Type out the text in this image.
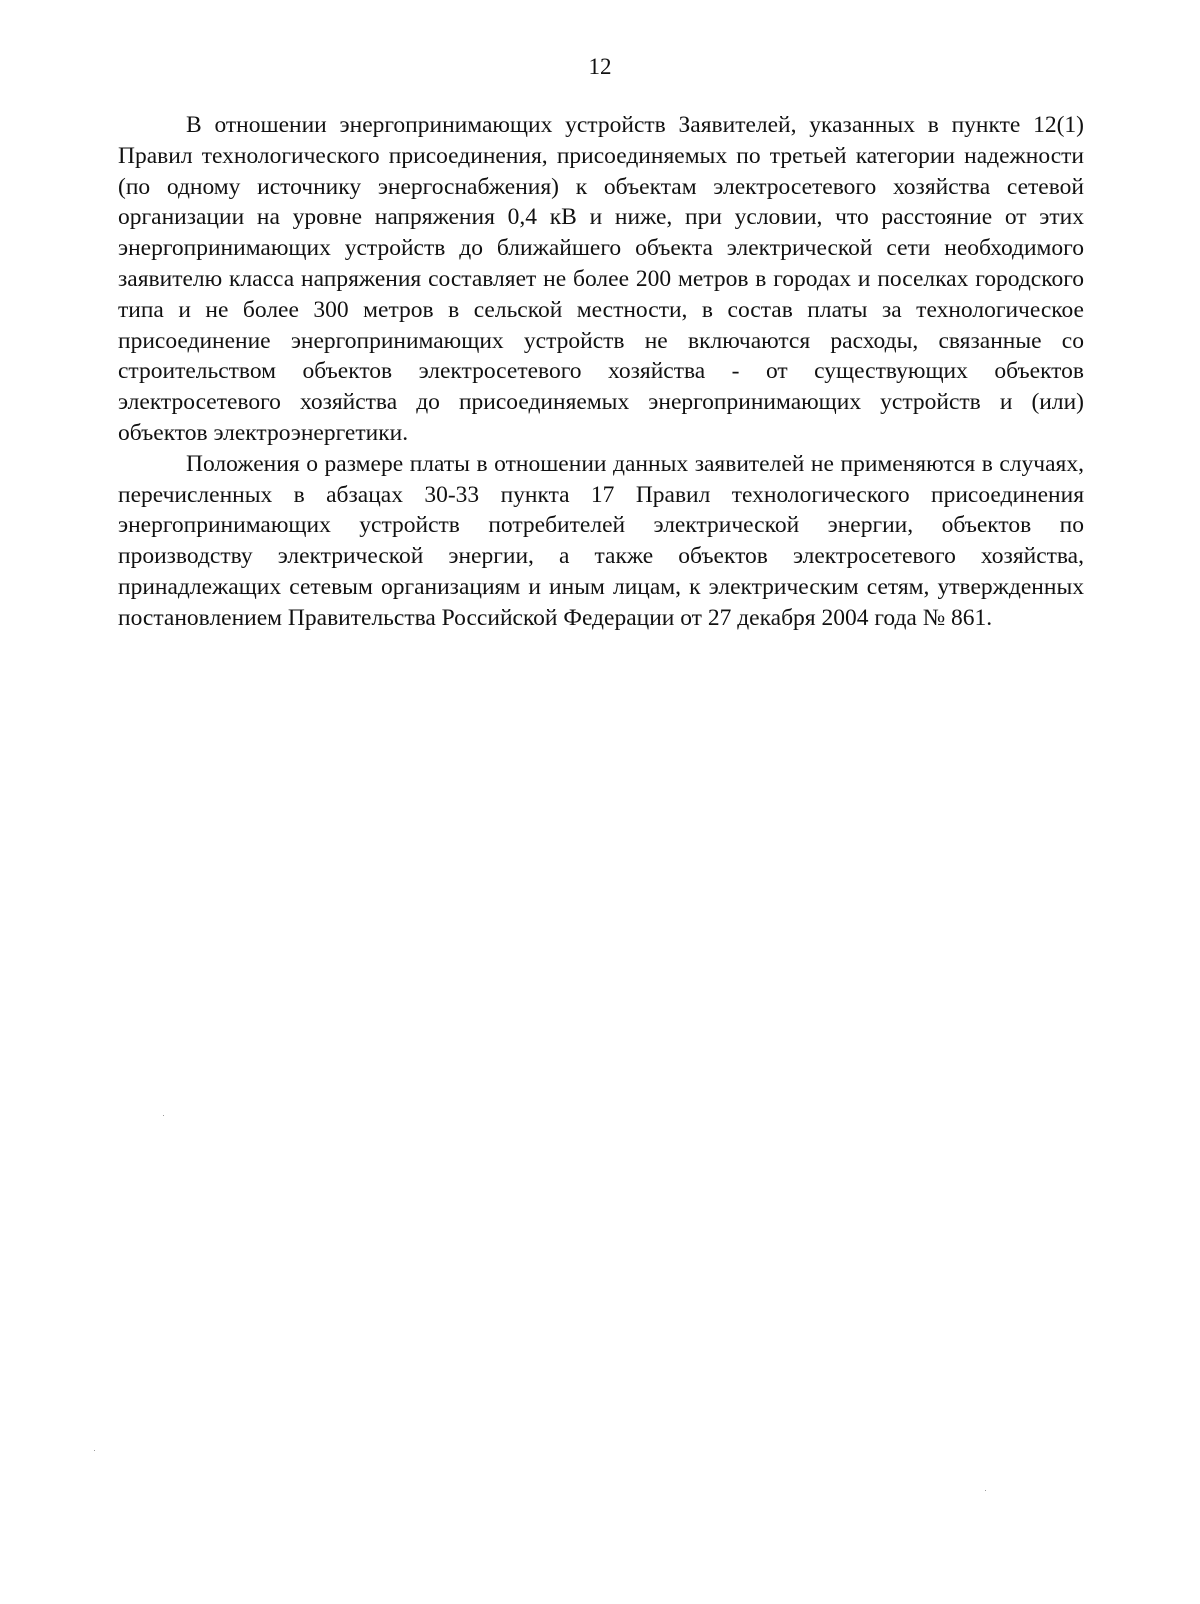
12

В отношении энергопринимающих устройств Заявителей, указанных в пункте 12(1) Правил технологического присоединения, присоединяемых по третьей категории надежности (по одному источнику энергоснабжения) к объектам электросетевого хозяйства сетевой организации на уровне напряжения 0,4 кВ и ниже, при условии, что расстояние от этих энергопринимающих устройств до ближайшего объекта электрической сети необходимого заявителю класса напряжения составляет не более 200 метров в городах и поселках городского типа и не более 300 метров в сельской местности, в состав платы за технологическое присоединение энергопринимающих устройств не включаются расходы, связанные со строительством объектов электросетевого хозяйства - от существующих объектов электросетевого хозяйства до присоединяемых энергопринимающих устройств и (или) объектов электроэнергетики.

Положения о размере платы в отношении данных заявителей не применяются в случаях, перечисленных в абзацах 30-33 пункта 17 Правил технологического присоединения энергопринимающих устройств потребителей электрической энергии, объектов по производству электрической энергии, а также объектов электросетевого хозяйства, принадлежащих сетевым организациям и иным лицам, к электрическим сетям, утвержденных постановлением Правительства Российской Федерации от 27 декабря 2004 года № 861.
